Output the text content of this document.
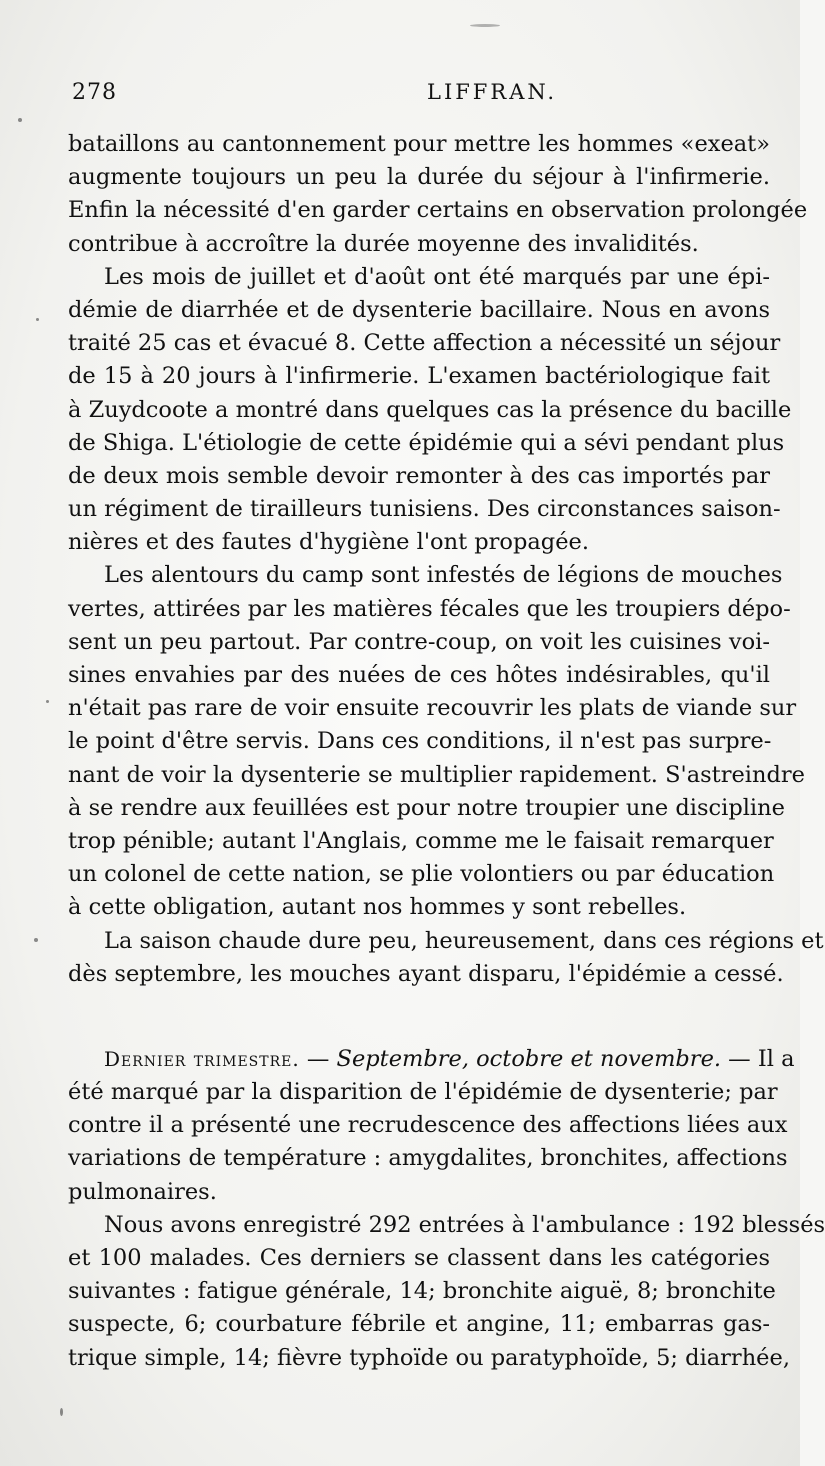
278	LIFFRAN.
bataillons au cantonnement pour mettre les hommes «exeat»
augmente toujours un peu la durée du séjour à l'infirmerie.
Enfin la nécessité d'en garder certains en observation prolongée
contribue à accroître la durée moyenne des invalidités.
Les mois de juillet et d'août ont été marqués par une épi-
démie de diarrhée et de dysenterie bacillaire. Nous en avons
traité 25 cas et évacué 8. Cette affection a nécessité un séjour
de 15 à 20 jours à l'infirmerie. L'examen bactériologique fait
à Zuydcoote a montré dans quelques cas la présence du bacille
de Shiga. L'étiologie de cette épidémie qui a sévi pendant plus
de deux mois semble devoir remonter à des cas importés par
un régiment de tirailleurs tunisiens. Des circonstances saison-
nières et des fautes d'hygiène l'ont propagée.
Les alentours du camp sont infestés de légions de mouches
vertes, attirées par les matières fécales que les troupiers dépo-
sent un peu partout. Par contre-coup, on voit les cuisines voi-
sines envahies par des nuées de ces hôtes indésirables, qu'il
n'était pas rare de voir ensuite recouvrir les plats de viande sur
le point d'être servis. Dans ces conditions, il n'est pas surpre-
nant de voir la dysenterie se multiplier rapidement. S'astreindre
à se rendre aux feuillées est pour notre troupier une discipline
trop pénible; autant l'Anglais, comme me le faisait remarquer
un colonel de cette nation, se plie volontiers ou par éducation
à cette obligation, autant nos hommes y sont rebelles.
La saison chaude dure peu, heureusement, dans ces régions et
dès septembre, les mouches ayant disparu, l'épidémie a cessé.
Dernier trimestre. — Septembre, octobre et novembre. — Il a
été marqué par la disparition de l'épidémie de dysenterie; par
contre il a présenté une recrudescence des affections liées aux
variations de température : amygdalites, bronchites, affections
pulmonaires.
Nous avons enregistré 292 entrées à l'ambulance : 192 blessés
et 100 malades. Ces derniers se classent dans les catégories
suivantes : fatigue générale, 14; bronchite aiguë, 8; bronchite
suspecte, 6; courbature fébrile et angine, 11; embarras gas-
trique simple, 14; fièvre typhoïde ou paratyphoïde, 5; diarrhée,
